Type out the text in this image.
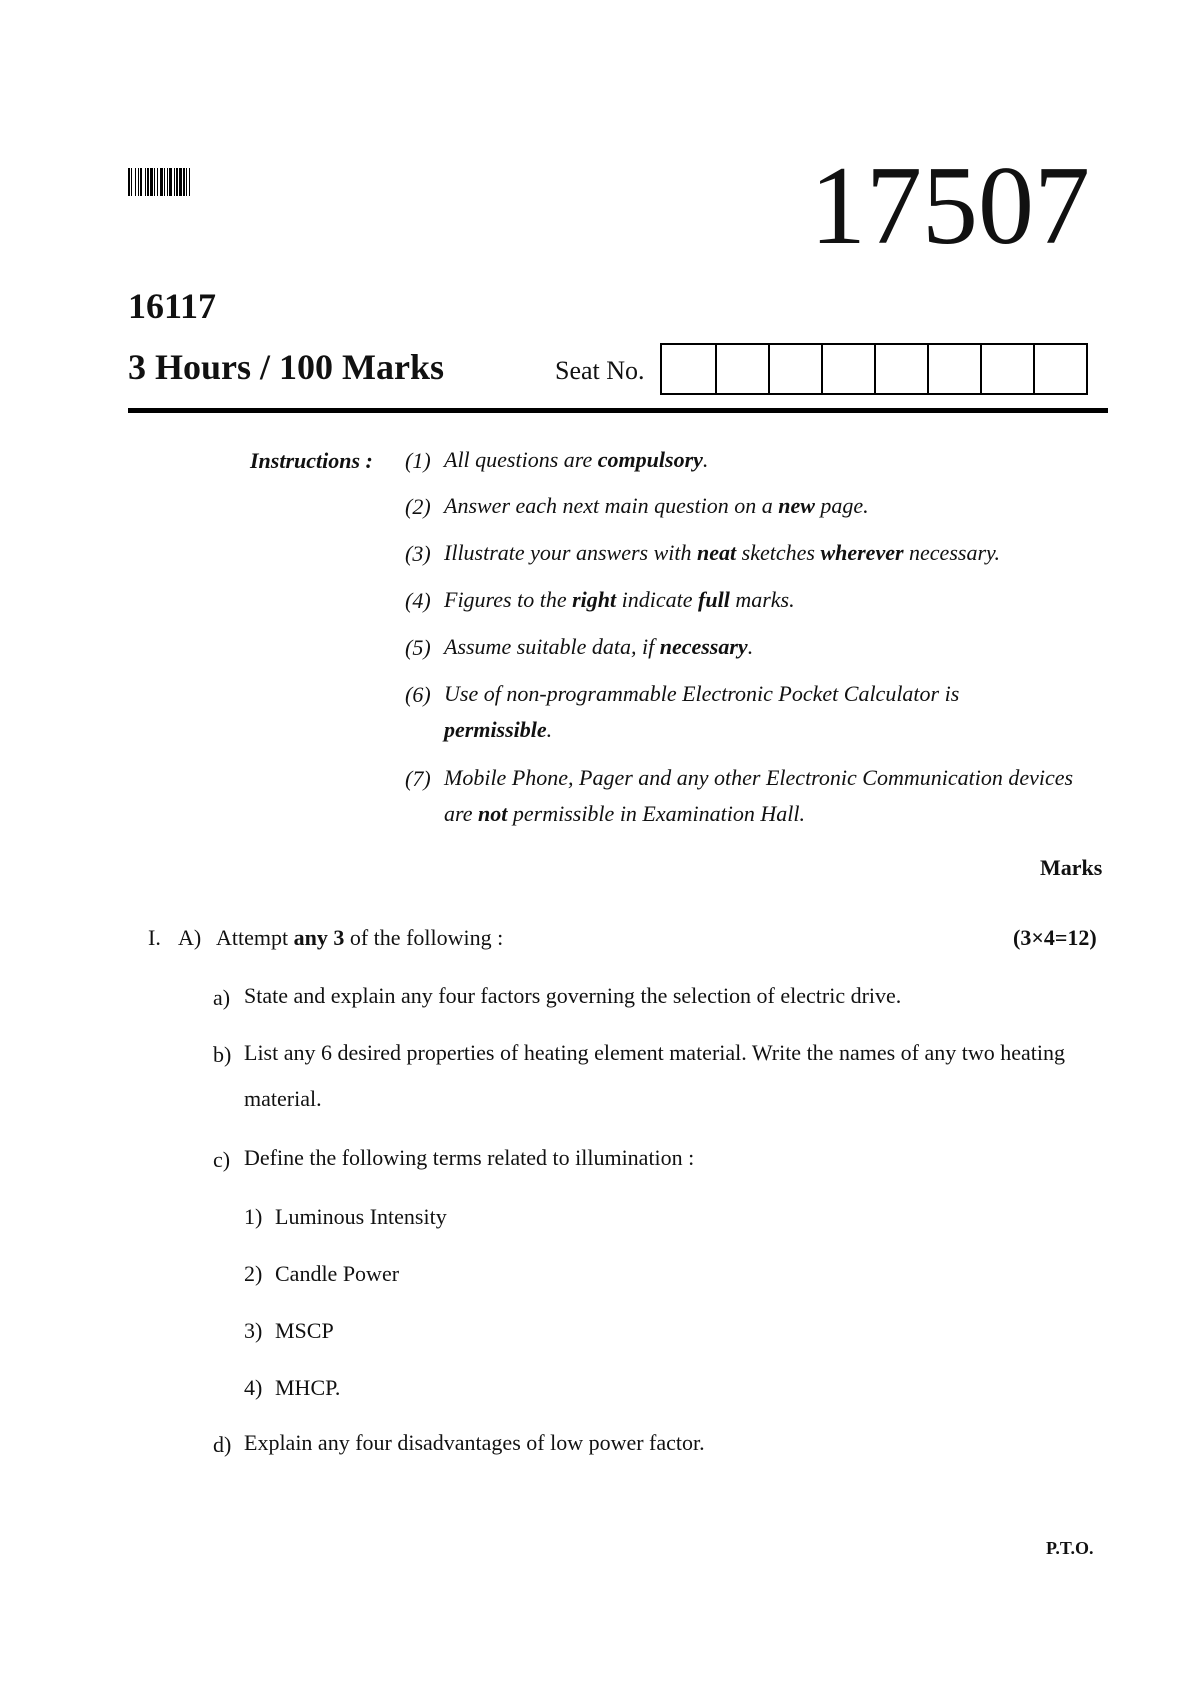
17507
16117
3 Hours / 100 Marks	Seat No.
Instructions : (1) All questions are compulsory.
(2) Answer each next main question on a new page.
(3) Illustrate your answers with neat sketches wherever necessary.
(4) Figures to the right indicate full marks.
(5) Assume suitable data, if necessary.
(6) Use of non-programmable Electronic Pocket Calculator is permissible.
(7) Mobile Phone, Pager and any other Electronic Communication devices are not permissible in Examination Hall.
Marks
I. A) Attempt any 3 of the following :	(3×4=12)
a) State and explain any four factors governing the selection of electric drive.
b) List any 6 desired properties of heating element material. Write the names of any two heating material.
c) Define the following terms related to illumination :
1) Luminous Intensity
2) Candle Power
3) MSCP
4) MHCP.
d) Explain any four disadvantages of low power factor.
P.T.O.
